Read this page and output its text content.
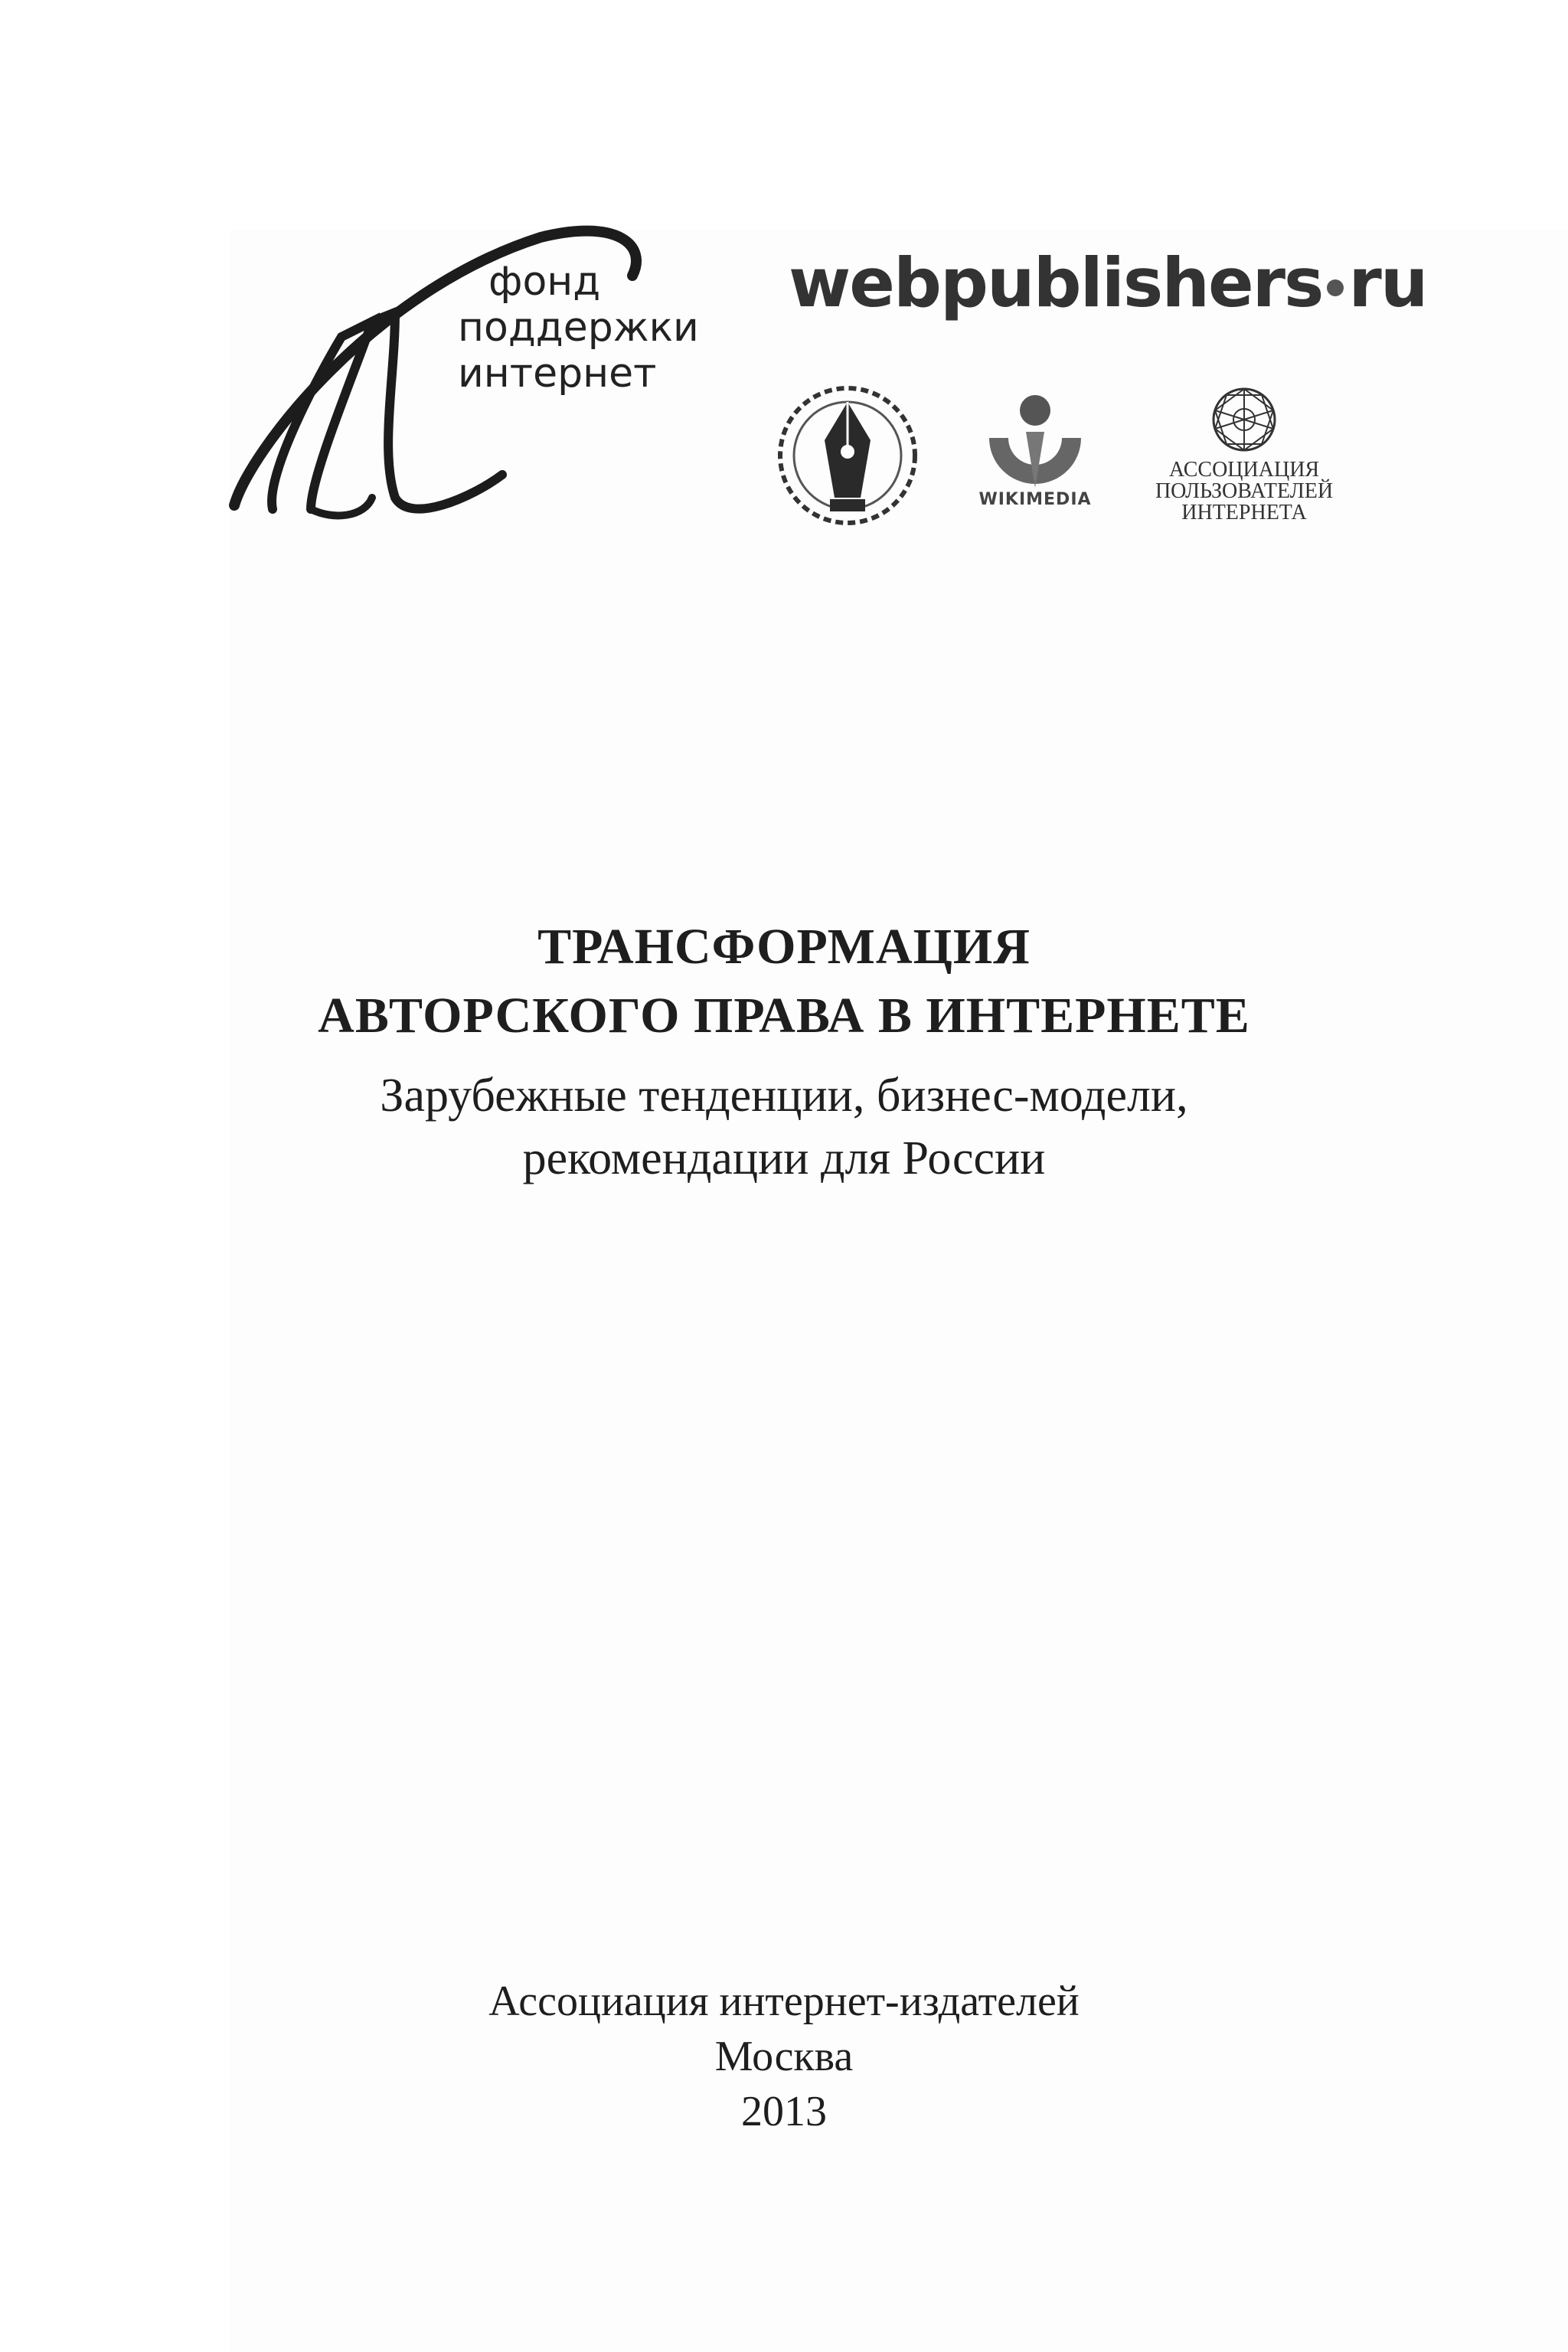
фонд
поддержки
интернет
webpublishers ru
WIKIMEDIA
АССОЦИАЦИЯ
ПОЛЬЗОВАТЕЛЕЙ
ИНТЕРНЕТА
ТРАНСФОРМАЦИЯ
АВТОРСКОГО ПРАВА В ИНТЕРНЕТЕ
Зарубежные тенденции, бизнес-модели,
рекомендации для России
Ассоциация интернет-издателей
Москва
2013
